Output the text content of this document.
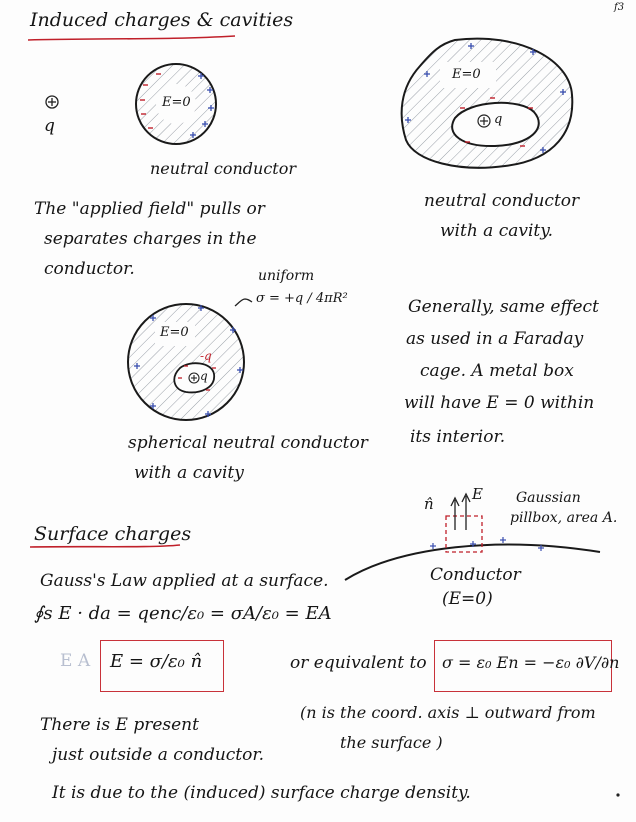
f3
Induced charges & cavities
q
E=0
neutral conductor
E=0
q
neutral conductor
with a cavity.
The "applied field" pulls or
separates charges in the
conductor.	uniform
σ = +q / 4πR²
E=0
-q
q
spherical neutral conductor
with a cavity
Generally, same effect
as used in a Faraday
cage. A metal box
will have E = 0 within
its interior.
Surface charges
n̂
E Gaussian
pillbox, area A.
Conductor
(E=0)
Gauss's Law applied at a surface.
∮s E · da = qenc/ε₀ = σA/ε₀ = EA
E A E = σ/ε₀ n̂	or equivalent to σ = ε₀ En = −ε₀ ∂V/∂n
(n is the coord. axis ⊥ outward from
the surface )
There is E present
just outside a conductor.
It is due to the (induced) surface charge density.
